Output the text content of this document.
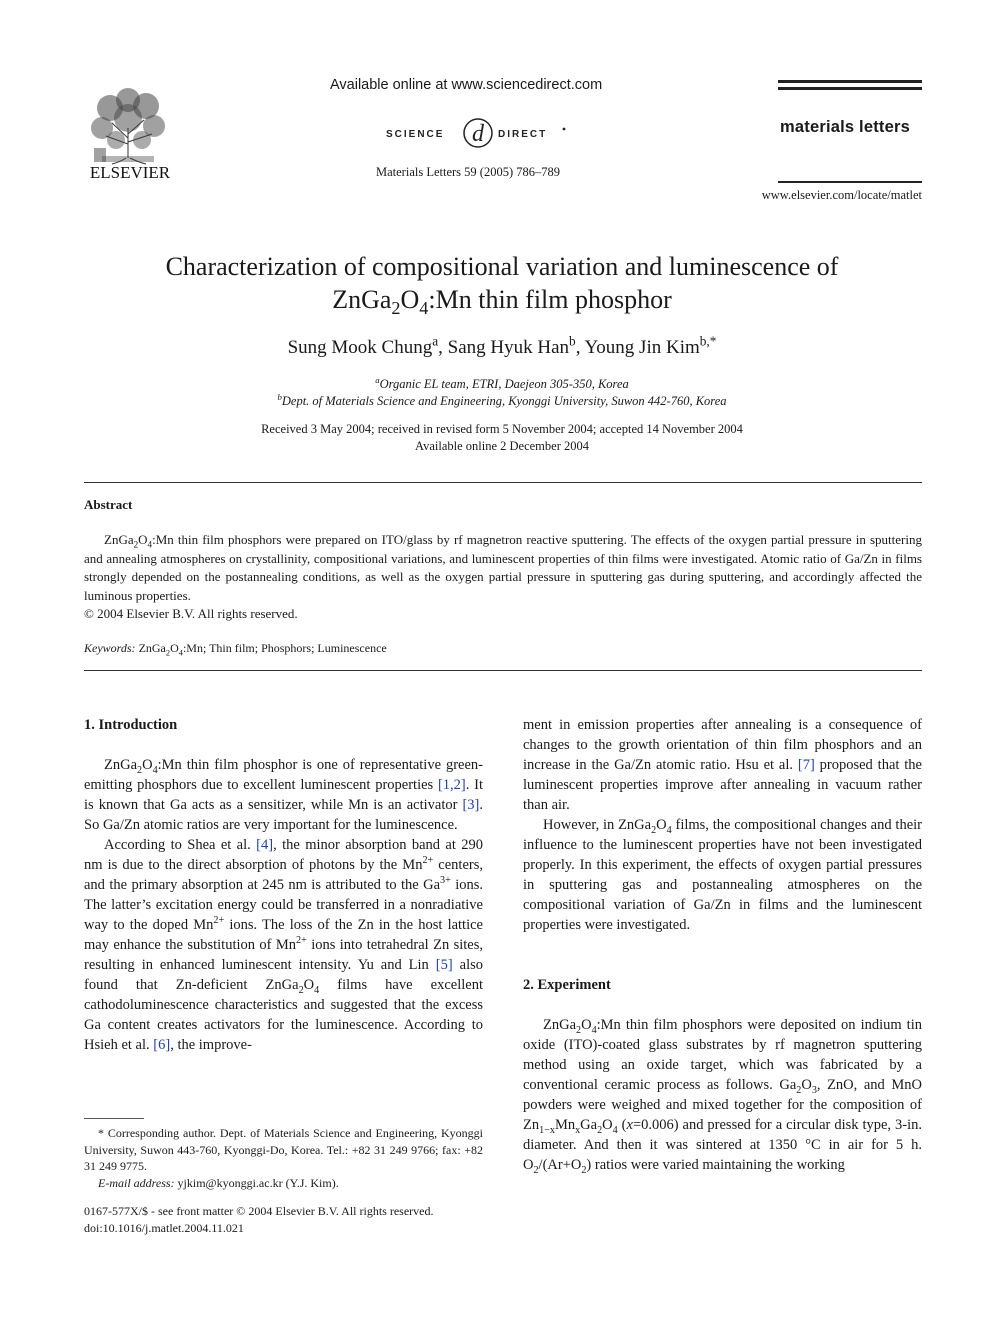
ELSEVIER
Available online at www.sciencedirect.com
SCIENCE d DIRECT
Materials Letters 59 (2005) 786–789
materials letters
www.elsevier.com/locate/matlet
Characterization of compositional variation and luminescence of
$ZnGa_2O_4:Mn$ thin film phosphor
Sung Mook Chung$^a$, Sang Hyuk Han$^b$, Young Jin Kim$^{b,*}$
$^a$Organic EL team, ETRI, Daejeon 305-350, Korea
$^b$Dept. of Materials Science and Engineering, Kyonggi University, Suwon 442-760, Korea
Received 3 May 2004; received in revised form 5 November 2004; accepted 14 November 2004
Available online 2 December 2004
Abstract

$ZnGa_2O_4:Mn$ thin film phosphors were prepared on ITO/glass by rf magnetron reactive sputtering. The effects of the oxygen partial pressure in sputtering and annealing atmospheres on crystallinity, compositional variations, and luminescent properties of thin films were investigated. Atomic ratio of Ga/Zn in films strongly depended on the postannealing conditions, as well as the oxygen partial pressure in sputtering gas during sputtering, and accordingly affected the luminous properties.

© 2004 Elsevier B.V. All rights reserved.
Keywords: $ZnGa_2O_4:Mn$; Thin film; Phosphors; Luminescence
1. Introduction

$ZnGa_2O_4:Mn$ thin film phosphor is one of representative green-emitting phosphors due to excellent luminescent properties [1,2]. It is known that Ga acts as a sensitizer, while Mn is an activator [3]. So Ga/Zn atomic ratios are very important for the luminescence.

According to Shea et al. [4], the minor absorption band at 290 nm is due to the direct absorption of photons by the $Mn^{2+}$ centers, and the primary absorption at 245 nm is attributed to the $Ga^{3+}$ ions. The latter’s excitation energy could be transferred in a nonradiative way to the doped $Mn^{2+}$ ions. The loss of the Zn in the host lattice may enhance the substitution of $Mn^{2+}$ ions into tetrahedral Zn sites, resulting in enhanced luminescent intensity. Yu and Lin [5] also found that Zn-deficient $ZnGa_2O_4$ films have excellent cathodoluminescence characteristics and suggested that the excess Ga content creates activators for the luminescence. According to Hsieh et al. [6], the improve-

* Corresponding author. Dept. of Materials Science and Engineering, Kyonggi University, Suwon 443-760, Kyonggi-Do, Korea. Tel.: +82 31 249 9766; fax: +82 31 249 9775.

E-mail address: yjkim@kyonggi.ac.kr (Y.J. Kim).

0167-577X/$ - see front matter © 2004 Elsevier B.V. All rights reserved.
doi:10.1016/j.matlet.2004.11.021

ment in emission properties after annealing is a consequence of changes to the growth orientation of thin film phosphors and an increase in the Ga/Zn atomic ratio. Hsu et al. [7] proposed that the luminescent properties improve after annealing in vacuum rather than air.

However, in $ZnGa_2O_4$ films, the compositional changes and their influence to the luminescent properties have not been investigated properly. In this experiment, the effects of oxygen partial pressures in sputtering gas and postannealing atmospheres on the compositional variation of Ga/Zn in films and the luminescent properties were investigated.

2. Experiment

$ZnGa_2O_4:Mn$ thin film phosphors were deposited on indium tin oxide (ITO)-coated glass substrates by rf magnetron sputtering method using an oxide target, which was fabricated by a conventional ceramic process as follows. $Ga_2O_3$, ZnO, and MnO powders were weighed and mixed together for the composition of $Zn_{1-x}Mn_xGa_2O_4$ (x=0.006) and pressed for a circular disk type, 3-in. diameter. And then it was sintered at 1350 °C in air for 5 h. $O_2/(Ar+O_2)$ ratios were varied maintaining the working
